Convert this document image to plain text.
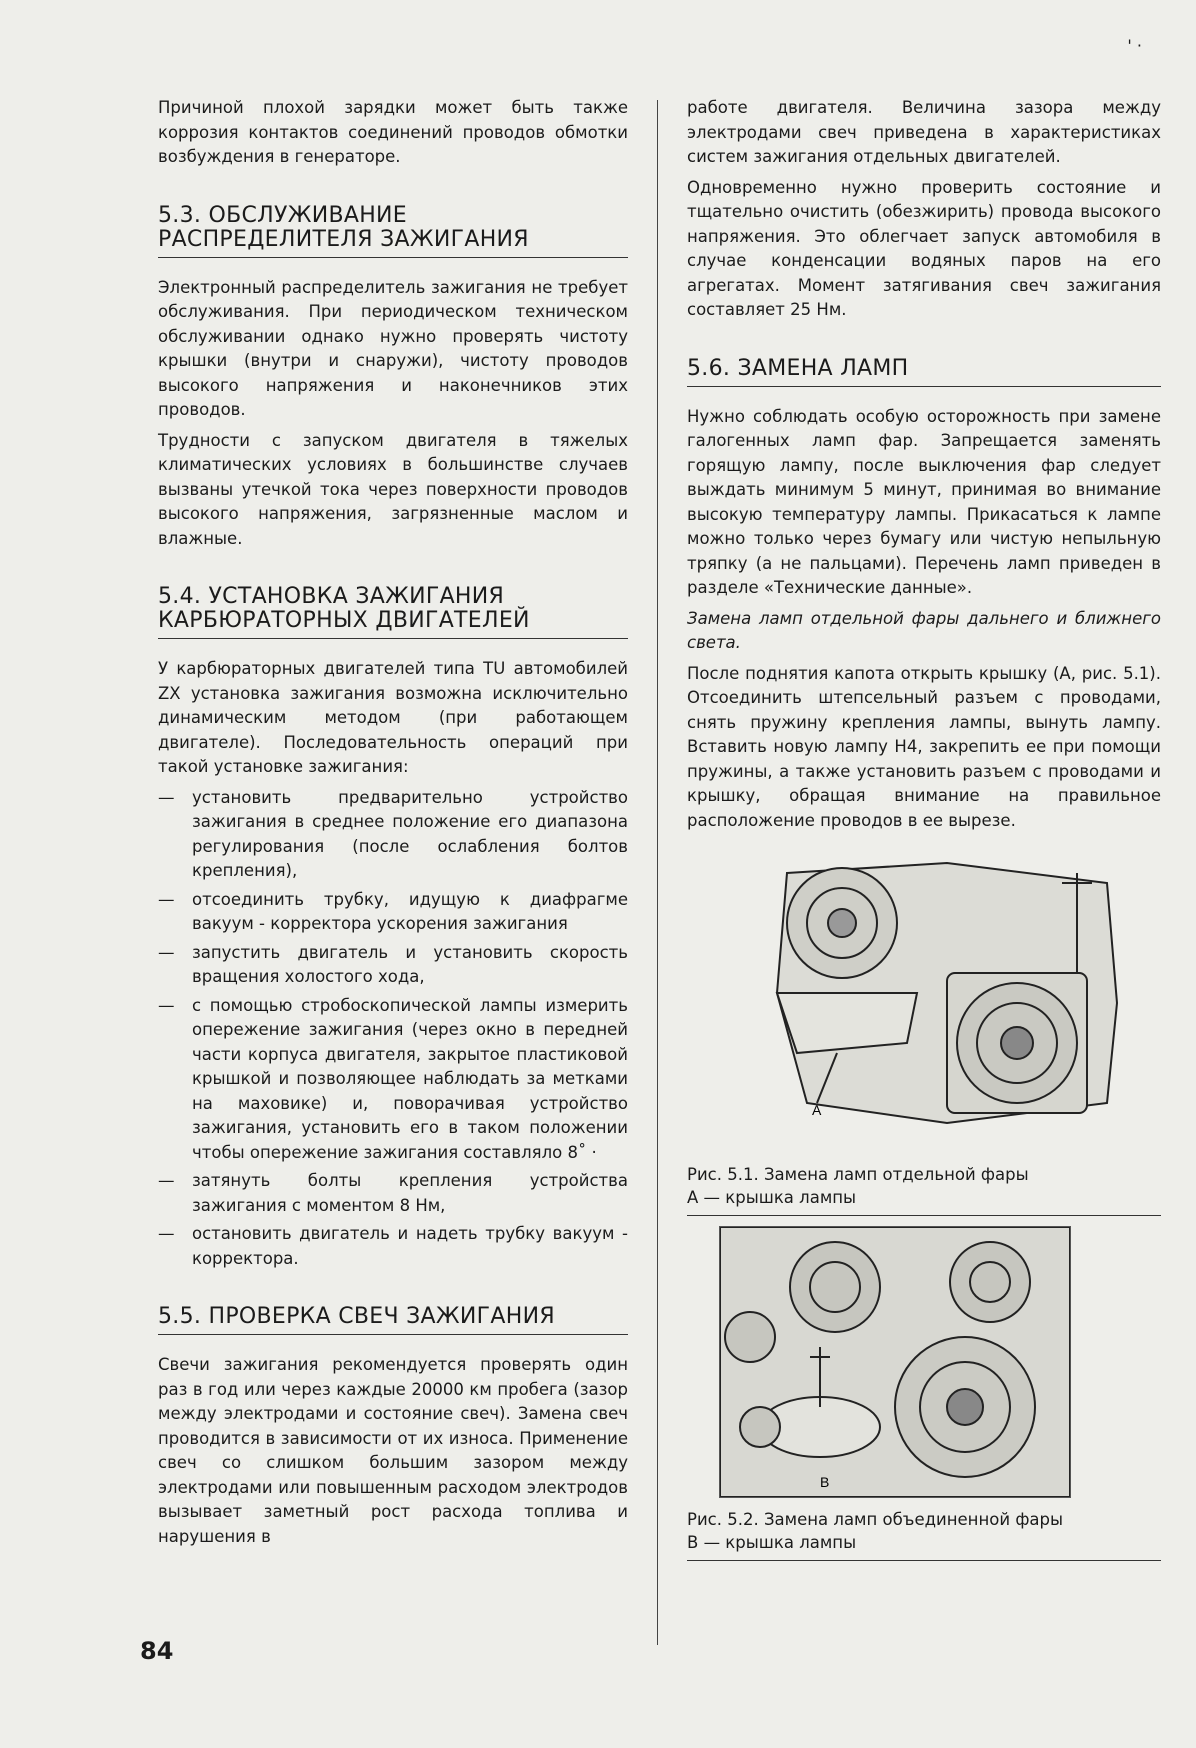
' ·

Причиной плохой зарядки может быть также коррозия контактов соединений проводов обмотки возбуждения в генераторе.

5.3. ОБСЛУЖИВАНИЕ
РАСПРЕДЕЛИТЕЛЯ ЗАЖИГАНИЯ

Электронный распределитель зажигания не требует обслуживания. При периодическом техническом обслуживании однако нужно проверять чистоту крышки (внутри и снаружи), чистоту проводов высокого напряжения и наконечников этих проводов.

Трудности с запуском двигателя в тяжелых климатических условиях в большинстве случаев вызваны утечкой тока через поверхности проводов высокого напряжения, загрязненные маслом и влажные.

5.4. УСТАНОВКА ЗАЖИГАНИЯ
КАРБЮРАТОРНЫХ ДВИГАТЕЛЕЙ

У карбюраторных двигателей типа TU автомобилей ZX установка зажигания возможна исключительно динамическим методом (при работающем двигателе). Последовательность операций при такой установке зажигания:

— установить предварительно устройство зажигания в среднее положение его диапазона регулирования (после ослабления болтов крепления),
— отсоединить трубку, идущую к диафрагме вакуум - корректора ускорения зажигания
— запустить двигатель и установить скорость вращения холостого хода,
— с помощью стробоскопической лампы измерить опережение зажигания (через окно в передней части корпуса двигателя, закрытое пластиковой крышкой и позволяющее наблюдать за метками на маховике) и, поворачивая устройство зажигания, установить его в таком положении чтобы опережение зажигания составляло 8˚ ·
— затянуть болты крепления устройства зажигания с моментом 8 Нм,
— остановить двигатель и надеть трубку вакуум - корректора.
5.5. ПРОВЕРКА СВЕЧ ЗАЖИГАНИЯ

Свечи зажигания рекомендуется проверять один раз в год или через каждые 20000 км пробега (зазор между электродами и состояние свеч). Замена свеч проводится в зависимости от их износа. Применение свеч со слишком большим зазором между электродами или повышенным расходом электродов вызывает заметный рост расхода топлива и нарушения в

работе двигателя. Величина зазора между электродами свеч приведена в характеристиках систем зажигания отдельных двигателей.

Одновременно нужно проверить состояние и тщательно очистить (обезжирить) провода высокого напряжения. Это облегчает запуск автомобиля в случае конденсации водяных паров на его агрегатах. Момент затягивания свеч зажигания составляет 25 Нм.

5.6. ЗАМЕНА ЛАМП

Нужно соблюдать особую осторожность при замене галогенных ламп фар. Запрещается заменять горящую лампу, после выключения фар следует выждать минимум 5 минут, принимая во внимание высокую температуру лампы. Прикасаться к лампе можно только через бумагу или чистую непыльную тряпку (а не пальцами). Перечень ламп приведен в разделе «Технические данные».

Замена ламп отдельной фары дальнего и ближнего света.

После поднятия капота открыть крышку (А, рис. 5.1). Отсоединить штепсельный разъем с проводами, снять пружину крепления лампы, вынуть лампу. Вставить новую лампу H4, закрепить ее при помощи пружины, а также установить разъем с проводами и крышку, обращая внимание на правильное расположение проводов в ее вырезе.

A
Рис. 5.1. Замена ламп отдельной фары
А — крышка лампы
B
Рис. 5.2. Замена ламп объединенной фары
В — крышка лампы
84
